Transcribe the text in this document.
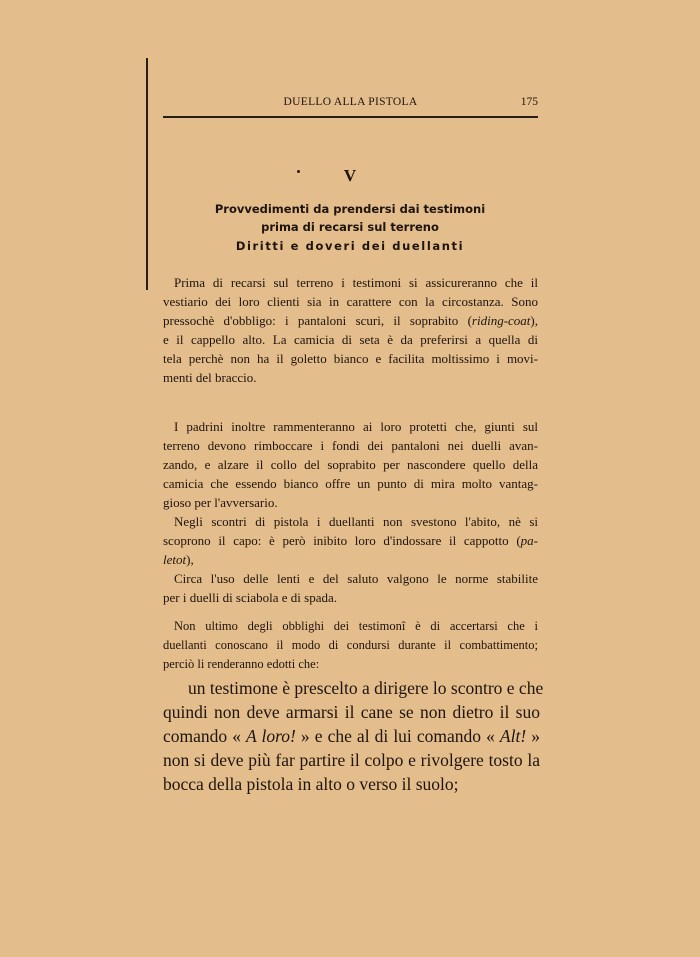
DUELLO ALLA PISTOLA	175
V
Provvedimenti da prendersi dai testimoni
prima di recarsi sul terreno
Diritti e doveri dei duellanti
Prima di recarsi sul terreno i testimoni si assicureranno che il
vestiario dei loro clienti sia in carattere con la circostanza. Sono
pressochè d'obbligo: i pantaloni scuri, il soprabito (riding-coat),
e il cappello alto. La camicia di seta è da preferirsi a quella di
tela perchè non ha il goletto bianco e facilita moltissimo i movi-
menti del braccio.
I padrini inoltre rammenteranno ai loro protetti che, giunti sul
terreno devono rimboccare i fondi dei pantaloni nei duelli avan-
zando, e alzare il collo del soprabito per nascondere quello della
camicia che essendo bianco offre un punto di mira molto vantag-
gioso per l'avversario.
Negli scontri di pistola i duellanti non svestono l'abito, nè si
scoprono il capo: è però inibito loro d'indossare il cappotto (pa-
letot),
Circa l'uso delle lenti e del saluto valgono le norme stabilite
per i duelli di sciabola e di spada.
Non ultimo degli obblighi dei testimonî è di accertarsi che i
duellanti conoscano il modo di condursi durante il combattimento;
perciò li renderanno edotti che:
un testimone è prescelto a dirigere lo scontro e che
quindi non deve armarsi il cane se non dietro il suo
comando « A loro! » e che al di lui comando « Alt! »
non si deve più far partire il colpo e rivolgere tosto la
bocca della pistola in alto o verso il suolo;
